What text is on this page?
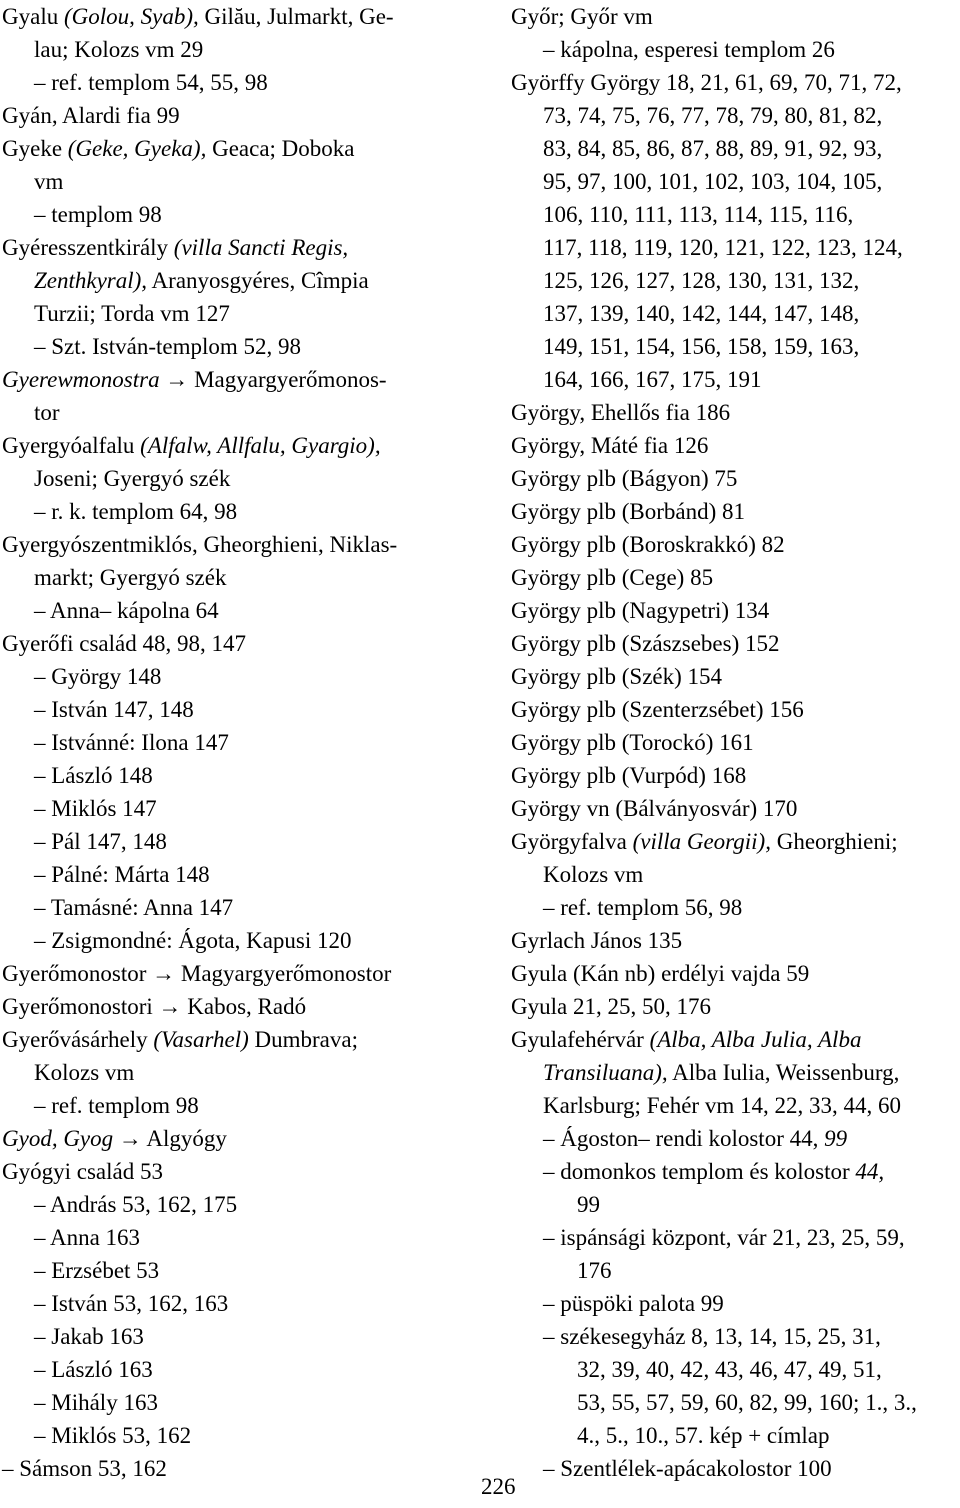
Gyalu (Golou, Syab), Gilău, Julmarkt, Ge-
lau; Kolozs vm 29
– ref. templom 54, 55, 98
Gyán, Alardi fia 99
Gyeke (Geke, Gyeka), Geaca; Doboka
vm
– templom 98
Gyéresszentkirály (villa Sancti Regis,
Zenthkyral), Aranyosgyéres, Cîmpia
Turzii; Torda vm 127
– Szt. István-templom 52, 98
Gyerewmonostra → Magyargyerőmonos-
tor
Gyergyóalfalu (Alfalw, Allfalu, Gyargio),
Joseni; Gyergyó szék
– r. k. templom 64, 98
Gyergyószentmiklós, Gheorghieni, Niklas-
markt; Gyergyó szék
– Anna– kápolna 64
Gyerőfi család 48, 98, 147
– György 148
– István 147, 148
– Istvánné: Ilona 147
– László 148
– Miklós 147
– Pál 147, 148
– Pálné: Márta 148
– Tamásné: Anna 147
– Zsigmondné: Ágota, Kapusi 120
Gyerőmonostor → Magyargyerőmonostor
Gyerőmonostori → Kabos, Radó
Gyerővásárhely (Vasarhel) Dumbrava;
Kolozs vm
– ref. templom 98
Gyod, Gyog → Algyógy
Gyógyi család 53
– András 53, 162, 175
– Anna 163
– Erzsébet 53
– István 53, 162, 163
– Jakab 163
– László 163
– Mihály 163
– Miklós 53, 162
– Sámson 53, 162
Győr; Győr vm
– kápolna, esperesi templom 26
Györffy György 18, 21, 61, 69, 70, 71, 72,
73, 74, 75, 76, 77, 78, 79, 80, 81, 82,
83, 84, 85, 86, 87, 88, 89, 91, 92, 93,
95, 97, 100, 101, 102, 103, 104, 105,
106, 110, 111, 113, 114, 115, 116,
117, 118, 119, 120, 121, 122, 123, 124,
125, 126, 127, 128, 130, 131, 132,
137, 139, 140, 142, 144, 147, 148,
149, 151, 154, 156, 158, 159, 163,
164, 166, 167, 175, 191
György, Ehellős fia 186
György, Máté fia 126
György plb (Bágyon) 75
György plb (Borbánd) 81
György plb (Boroskrakkó) 82
György plb (Cege) 85
György plb (Nagypetri) 134
György plb (Szászsebes) 152
György plb (Szék) 154
György plb (Szenterzsébet) 156
György plb (Torockó) 161
György plb (Vurpód) 168
György vn (Bálványosvár) 170
Györgyfalva (villa Georgii), Gheorghieni;
Kolozs vm
– ref. templom 56, 98
Gyrlach János 135
Gyula (Kán nb) erdélyi vajda 59
Gyula 21, 25, 50, 176
Gyulafehérvár (Alba, Alba Julia, Alba
Transiluana), Alba Iulia, Weissenburg,
Karlsburg; Fehér vm 14, 22, 33, 44, 60
– Ágoston– rendi kolostor 44, 99
– domonkos templom és kolostor 44,
99
– ispánsági központ, vár 21, 23, 25, 59,
176
– püspöki palota 99
– székesegyház 8, 13, 14, 15, 25, 31,
32, 39, 40, 42, 43, 46, 47, 49, 51,
53, 55, 57, 59, 60, 82, 99, 160; 1., 3.,
4., 5., 10., 57. kép + címlap
– Szentlélek-apácakolostor 100
226
